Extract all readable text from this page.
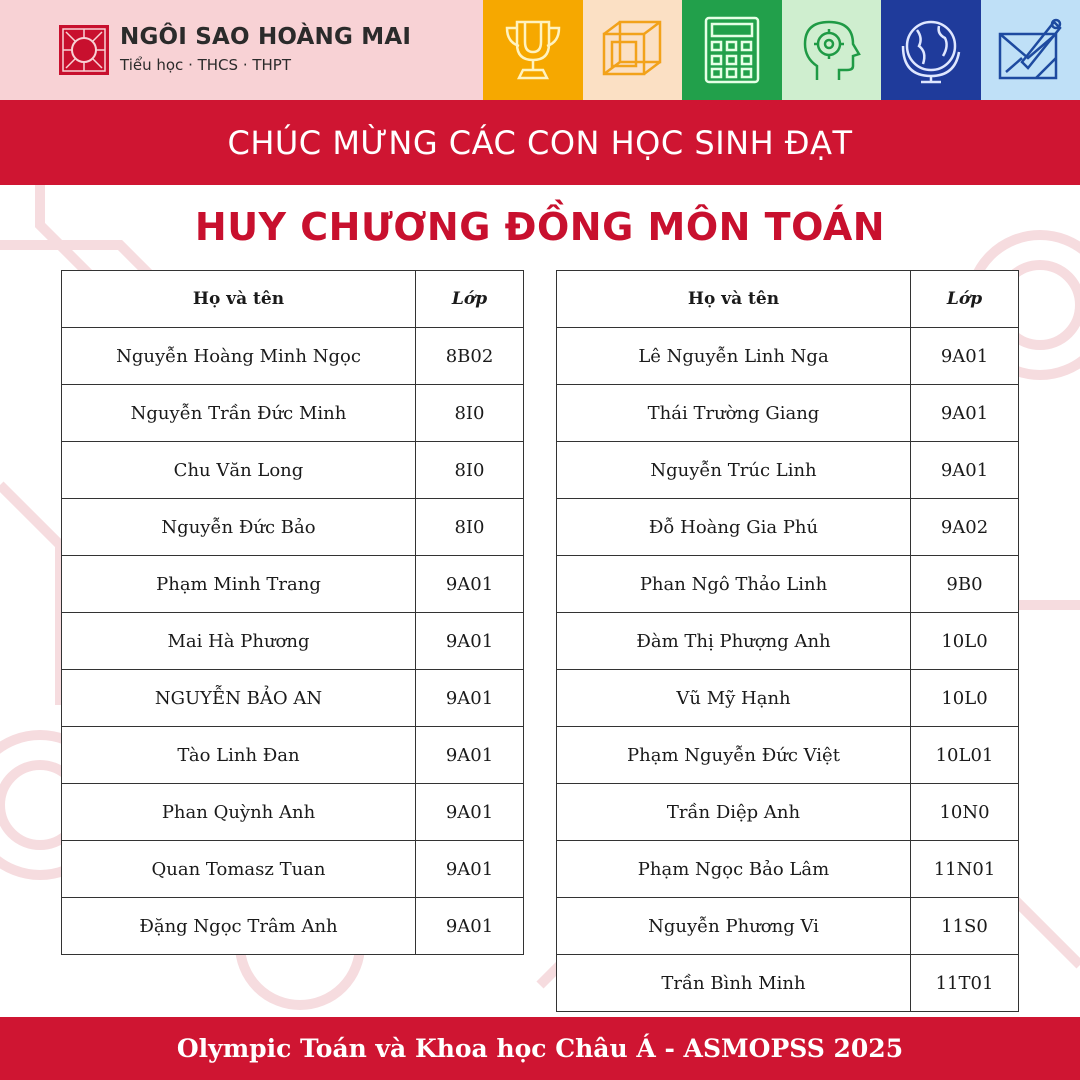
NGÔI SAO HOÀNG MAI
Tiểu học · THCS · THPT
CHÚC MỪNG CÁC CON HỌC SINH ĐẠT
HUY CHƯƠNG ĐỒNG MÔN TOÁN
Họ và tên	Lớp
Nguyễn Hoàng Minh Ngọc	8B02
Nguyễn Trần Đức Minh	8I0
Chu Văn Long	8I0
Nguyễn Đức Bảo	8I0
Phạm Minh Trang	9A01
Mai Hà Phương	9A01
NGUYỄN BẢO AN	9A01
Tào Linh Đan	9A01
Phan Quỳnh Anh	9A01
Quan Tomasz Tuan	9A01
Đặng Ngọc Trâm Anh	9A01
Họ và tên	Lớp
Lê Nguyễn Linh Nga	9A01
Thái Trường Giang	9A01
Nguyễn Trúc Linh	9A01
Đỗ Hoàng Gia Phú	9A02
Phan Ngô Thảo Linh	9B0
Đàm Thị Phượng Anh	10L0
Vũ Mỹ Hạnh	10L0
Phạm Nguyễn Đức Việt	10L01
Trần Diệp Anh	10N0
Phạm Ngọc Bảo Lâm	11N01
Nguyễn Phương Vi	11S0
Trần Bình Minh	11T01
Olympic Toán và Khoa học Châu Á - ASMOPSS 2025
